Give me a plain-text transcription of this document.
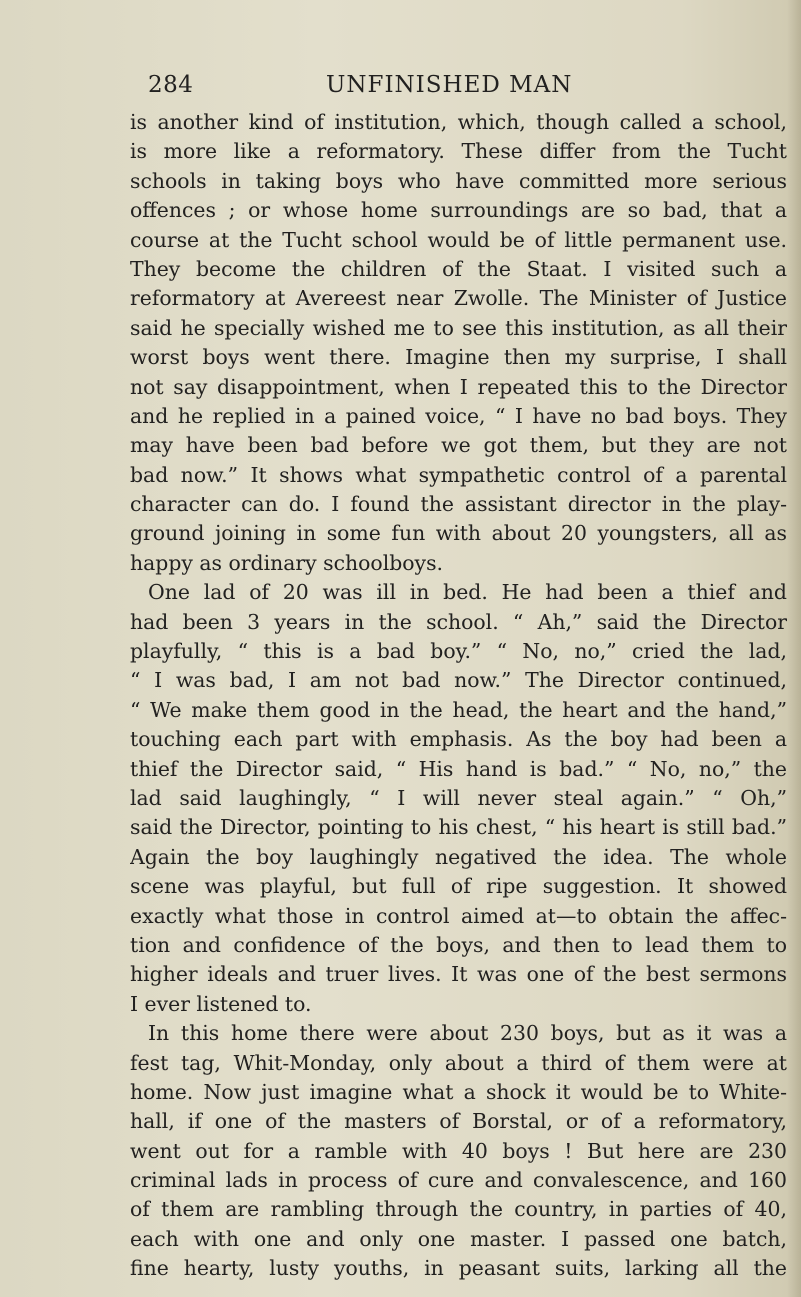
284	UNFINISHED MAN
is another kind of institution, which, though called a school,
is more like a reformatory. These differ from the Tucht
schools in taking boys who have committed more serious
offences ; or whose home surroundings are so bad, that a
course at the Tucht school would be of little permanent use.
They become the children of the Staat. I visited such a
reformatory at Avereest near Zwolle. The Minister of Justice
said he specially wished me to see this institution, as all their
worst boys went there. Imagine then my surprise, I shall
not say disappointment, when I repeated this to the Director
and he replied in a pained voice, “ I have no bad boys. They
may have been bad before we got them, but they are not
bad now.” It shows what sympathetic control of a parental
character can do. I found the assistant director in the play-
ground joining in some fun with about 20 youngsters, all as
happy as ordinary schoolboys.
One lad of 20 was ill in bed. He had been a thief and
had been 3 years in the school. “ Ah,” said the Director
playfully, “ this is a bad boy.” “ No, no,” cried the lad,
“ I was bad, I am not bad now.” The Director continued,
“ We make them good in the head, the heart and the hand,”
touching each part with emphasis. As the boy had been a
thief the Director said, “ His hand is bad.” “ No, no,” the
lad said laughingly, “ I will never steal again.” “ Oh,”
said the Director, pointing to his chest, “ his heart is still bad.”
Again the boy laughingly negatived the idea. The whole
scene was playful, but full of ripe suggestion. It showed
exactly what those in control aimed at—to obtain the affec-
tion and confidence of the boys, and then to lead them to
higher ideals and truer lives. It was one of the best sermons
I ever listened to.
In this home there were about 230 boys, but as it was a
fest tag, Whit-Monday, only about a third of them were at
home. Now just imagine what a shock it would be to White-
hall, if one of the masters of Borstal, or of a reformatory,
went out for a ramble with 40 boys ! But here are 230
criminal lads in process of cure and convalescence, and 160
of them are rambling through the country, in parties of 40,
each with one and only one master. I passed one batch,
fine hearty, lusty youths, in peasant suits, larking all the
